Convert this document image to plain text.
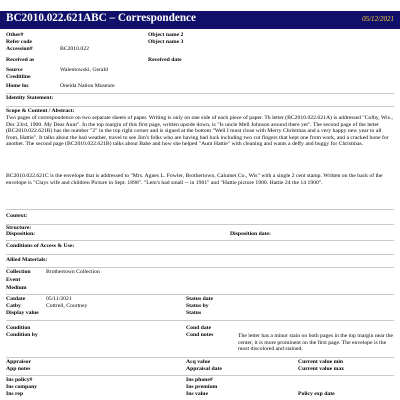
BC2010.022.621ABC – Correspondence	05/12/2021
Other#
Refer code
Accession#	BC2010.022
Received as
Source	Walentowski, Gerald
Creditline
Home loc	Oneida Nation Museum
Object name 2
Object name 3
Received date
Identity Statement:
Scope & Content / Abstract:
Two pages of correspondence on two separate sheets of paper. Writing is only on one side of each piece of paper. Th letter (BC2010.022.621A) is addressed "Colby, Wis., Dec 23rd, 1900. My Dear Aunt". In the top margin of this first page, written upside down, is "Is uncle Mell Johnson around there yet". The second page of the letter (BC2010.022.621B) has the number "2" in the top right corner and is signed at the bottom "Well I must close with Merry Christmas and a very happy new year to all from, Hattie". It talks about the bad weather, travel to see Jim's folks who are having bad luck including two cut fingers that kept one from work, and a cracked bone for another. The second page (BC2010.022.621B) talks about Babe and how she helped "Aunt Hattie" with cleaning and wants a deffy and buggy for Christmas.
BC2010.022.621C is the envelope that is addressed to "Mrs. Agnes L. Fowler, Brothertown, Calumet Co., Wis" with a single 2 cent stamp. Written on the back of the envelope is "Clays wife and children Picture in Sept. 1898". "Lem's had small -- in 1901" and "Hattie picture 1900. Hattie 24 the 14 1900".
Context:
Structure:
Disposition:	Disposition date:
Conditions of Access & Use:
Allied Materials:
Collection	Brothertown Collection
Event
Medium
Catdate	05/11/2021
Catby	Cottrell, Courtney
Display value
Status date
Status by
Status
Condition
Condition by
Cond date
Cond notes	The letter has a minor stain on both pages in the top margin near the center, it is more prominent on the first page. The envelope is the most discolored and stained.
Appraisor
App notes
Acq value
Appraisal date
Current value min
Current value max
Ins policy#
Ins company
Ins rep
Ins phone#
Ins premium
Ins value	Policy exp date
